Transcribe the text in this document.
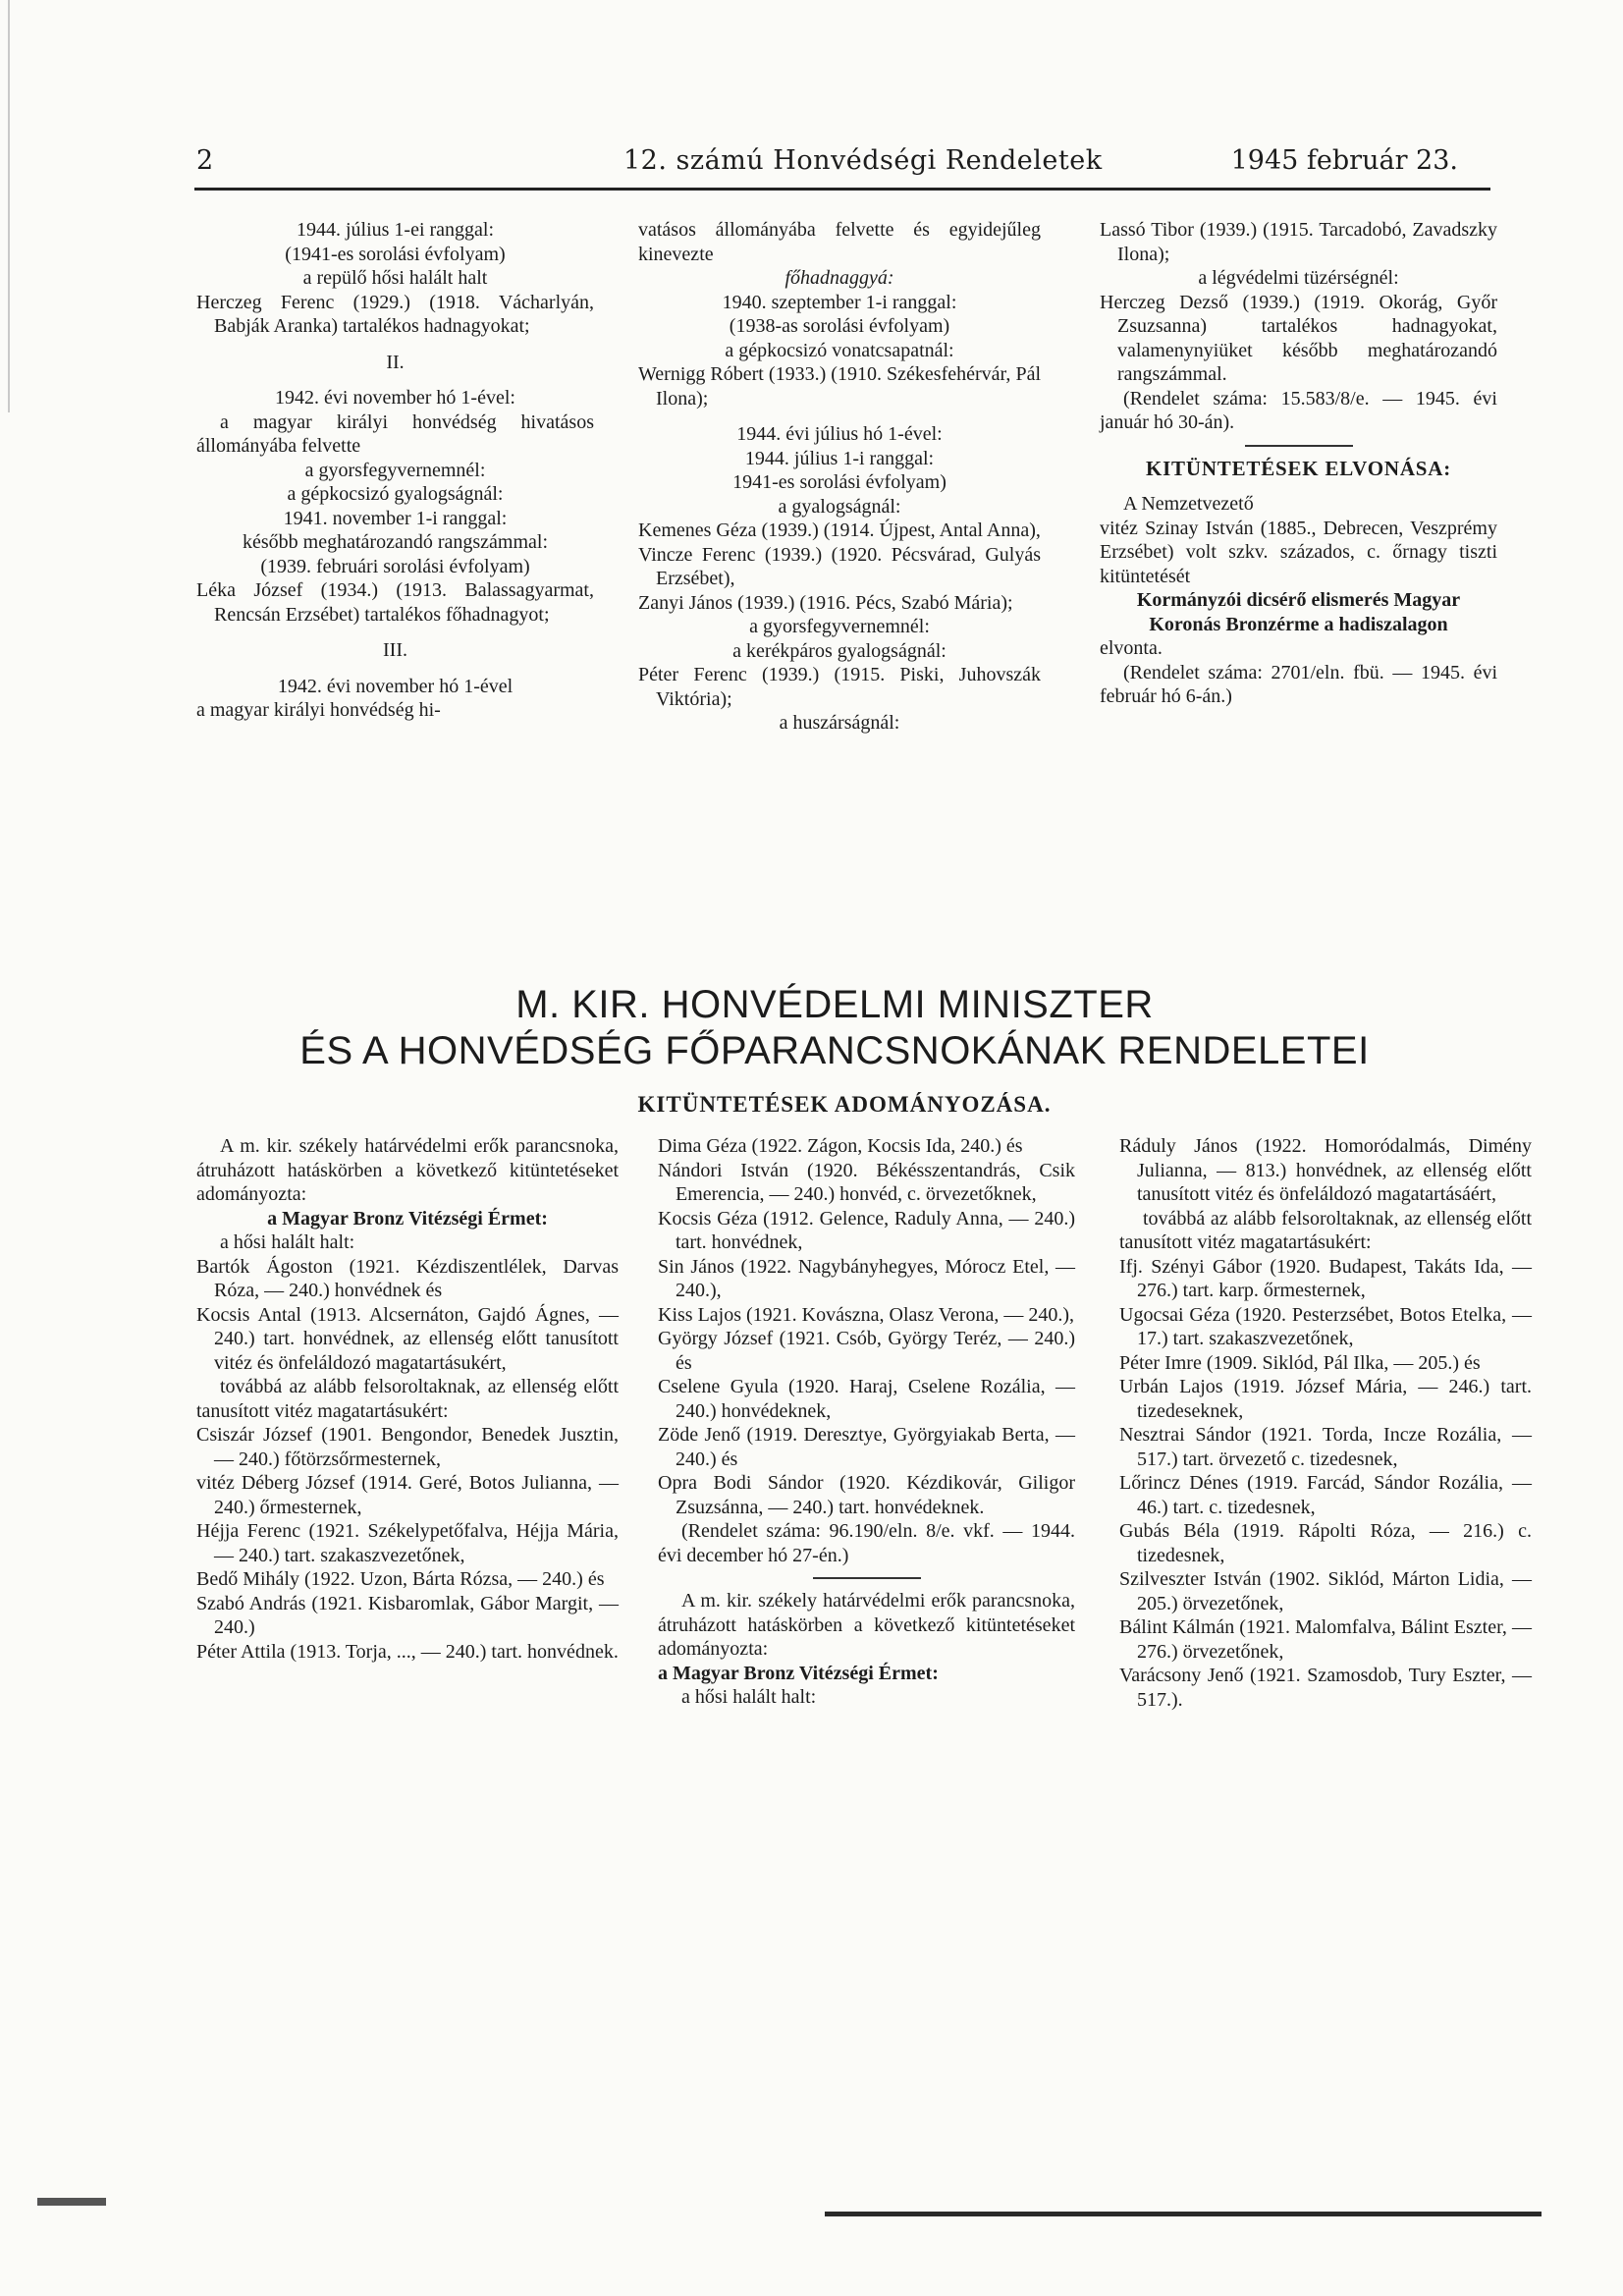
2	12. számú Honvédségi Rendeletek	1945 február 23.

1944. július 1-ei ranggal:

(1941-es sorolási évfolyam)

a repülő hősi halált halt

Herczeg Ferenc (1929.) (1918. Vácharlyán, Babják Aranka) tartalékos hadnagyokat;

II.

1942. évi november hó 1-ével:

a magyar királyi honvédség hivatásos állományába felvette

a gyorsfegyvernemnél:

a gépkocsizó gyalogságnál:

1941. november 1-i ranggal:

később meghatározandó rangszámmal:

(1939. februári sorolási évfolyam)

Léka József (1934.) (1913. Balassagyarmat, Rencsán Erzsébet) tartalékos főhadnagyot;

III.

1942. évi november hó 1-ével

a magyar királyi honvédség hi-

vatásos állományába felvette és egyidejűleg kinevezte

főhadnaggyá:

1940. szeptember 1-i ranggal:

(1938-as sorolási évfolyam)

a gépkocsizó vonatcsapatnál:

Wernigg Róbert (1933.) (1910. Székesfehérvár, Pál Ilona);

1944. évi július hó 1-ével:

1944. július 1-i ranggal:

1941-es sorolási évfolyam)

a gyalogságnál:

Kemenes Géza (1939.) (1914. Újpest, Antal Anna),

Vincze Ferenc (1939.) (1920. Pécsvárad, Gulyás Erzsébet),

Zanyi János (1939.) (1916. Pécs, Szabó Mária);

a gyorsfegyvernemnél:

a kerékpáros gyalogságnál:

Péter Ferenc (1939.) (1915. Piski, Juhovszák Viktória);

a huszárságnál:

Lassó Tibor (1939.) (1915. Tarcadobó, Zavadszky Ilona);

a légvédelmi tüzérségnél:

Herczeg Dezső (1939.) (1919. Okorág, Győr Zsuzsanna) tartalékos hadnagyokat, valamenynyiüket később meghatározandó rangszámmal.

(Rendelet száma: 15.583/8/e. — 1945. évi január hó 30-án).

KITÜNTETÉSEK ELVONÁSA:

A Nemzetvezető

vitéz Szinay István (1885., Debrecen, Veszprémy Erzsébet) volt szkv. százados, c. őrnagy tiszti kitüntetését

Kormányzói dicsérő elismerés Magyar Koronás Bronzérme a hadiszalagon

elvonta.

(Rendelet száma: 2701/eln. fbü. — 1945. évi február hó 6-án.)

M. KIR. HONVÉDELMI MINISZTER
ÉS A HONVÉDSÉG FŐPARANCSNOKÁNAK RENDELETEI
KITÜNTETÉSEK ADOMÁNYOZÁSA.

A m. kir. székely határvédelmi erők parancsnoka, átruházott hatáskörben a következő kitüntetéseket adományozta:

a Magyar Bronz Vitézségi Érmet:

a hősi halált halt:

Bartók Ágoston (1921. Kézdiszentlélek, Darvas Róza, — 240.) honvédnek és

Kocsis Antal (1913. Alcsernáton, Gajdó Ágnes, — 240.) tart. honvédnek, az ellenség előtt tanusított vitéz és önfeláldozó magatartásukért,

továbbá az alább felsoroltaknak, az ellenség előtt tanusított vitéz magatartásukért:

Csiszár József (1901. Bengondor, Benedek Jusztin, — 240.) főtörzsőrmesternek,

vitéz Déberg József (1914. Geré, Botos Julianna, — 240.) őrmesternek,

Héjja Ferenc (1921. Székelypetőfalva, Héjja Mária, — 240.) tart. szakaszvezetőnek,

Bedő Mihály (1922. Uzon, Bárta Rózsa, — 240.) és

Szabó András (1921. Kisbaromlak, Gábor Margit, — 240.)

Péter Attila (1913. Torja, ..., — 240.) tart. honvédnek.

Dima Géza (1922. Zágon, Kocsis Ida, 240.) és

Nándori István (1920. Békésszentandrás, Csik Emerencia, — 240.) honvéd, c. örvezetőknek,

Kocsis Géza (1912. Gelence, Raduly Anna, — 240.) tart. honvédnek,

Sin János (1922. Nagybányhegyes, Mórocz Etel, — 240.),

Kiss Lajos (1921. Kovászna, Olasz Verona, — 240.),

György József (1921. Csób, György Teréz, — 240.) és

Cselene Gyula (1920. Haraj, Cselene Rozália, — 240.) honvédeknek,

Zöde Jenő (1919. Deresztye, Györgyiakab Berta, — 240.) és

Opra Bodi Sándor (1920. Kézdikovár, Giligor Zsuzsánna, — 240.) tart. honvédeknek.

(Rendelet száma: 96.190/eln. 8/e. vkf. — 1944. évi december hó 27-én.)

A m. kir. székely határvédelmi erők parancsnoka, átruházott hatáskörben a következő kitüntetéseket adományozta:

a Magyar Bronz Vitézségi Érmet:

a hősi halált halt:

Ráduly János (1922. Homoródalmás, Dimény Julianna, — 813.) honvédnek, az ellenség előtt tanusított vitéz és önfeláldozó magatartásáért,

továbbá az alább felsoroltaknak, az ellenség előtt tanusított vitéz magatartásukért:

Ifj. Szényi Gábor (1920. Budapest, Takáts Ida, — 276.) tart. karp. őrmesternek,

Ugocsai Géza (1920. Pesterzsébet, Botos Etelka, — 17.) tart. szakaszvezetőnek,

Péter Imre (1909. Siklód, Pál Ilka, — 205.) és

Urbán Lajos (1919. József Mária, — 246.) tart. tizedeseknek,

Nesztrai Sándor (1921. Torda, Incze Rozália, — 517.) tart. örvezető c. tizedesnek,

Lőrincz Dénes (1919. Farcád, Sándor Rozália, — 46.) tart. c. tizedesnek,

Gubás Béla (1919. Rápolti Róza, — 216.) c. tizedesnek,

Szilveszter István (1902. Siklód, Márton Lidia, — 205.) örvezetőnek,

Bálint Kálmán (1921. Malomfalva, Bálint Eszter, — 276.) örvezetőnek,

Varácsony Jenő (1921. Szamosdob, Tury Eszter, — 517.).
